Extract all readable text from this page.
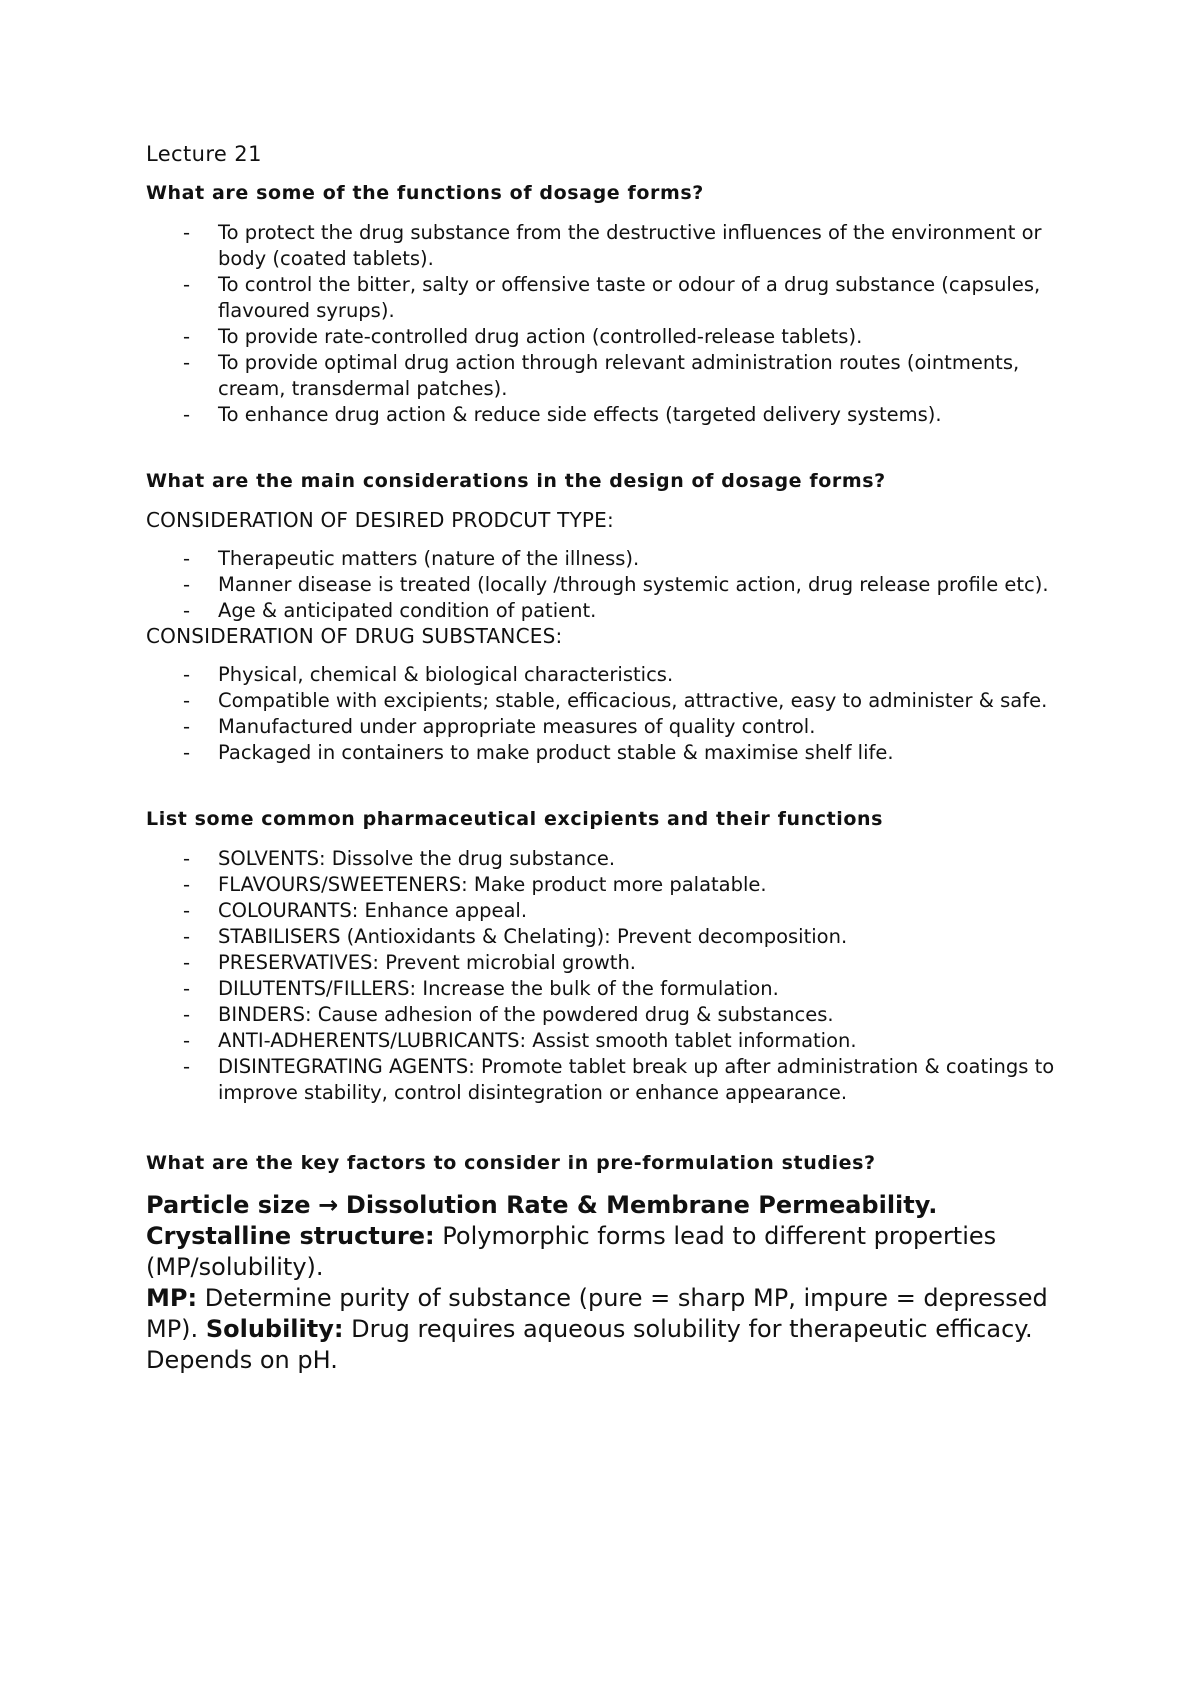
Lecture 21
What are some of the functions of dosage forms?
- To protect the drug substance from the destructive influences of the environment or body (coated tablets).
- To control the bitter, salty or offensive taste or odour of a drug substance (capsules, flavoured syrups).
- To provide rate-controlled drug action (controlled-release tablets).
- To provide optimal drug action through relevant administration routes (ointments, cream, transdermal patches).
- To enhance drug action & reduce side effects (targeted delivery systems).
What are the main considerations in the design of dosage forms?
CONSIDERATION OF DESIRED PRODCUT TYPE:
- Therapeutic matters (nature of the illness).
- Manner disease is treated (locally /through systemic action, drug release profile etc).
- Age & anticipated condition of patient.
CONSIDERATION OF DRUG SUBSTANCES:
- Physical, chemical & biological characteristics.
- Compatible with excipients; stable, efficacious, attractive, easy to administer & safe.
- Manufactured under appropriate measures of quality control.
- Packaged in containers to make product stable & maximise shelf life.
List some common pharmaceutical excipients and their functions
- SOLVENTS: Dissolve the drug substance.
- FLAVOURS/SWEETENERS: Make product more palatable.
- COLOURANTS: Enhance appeal.
- STABILISERS (Antioxidants & Chelating): Prevent decomposition.
- PRESERVATIVES: Prevent microbial growth.
- DILUTENTS/FILLERS: Increase the bulk of the formulation.
- BINDERS: Cause adhesion of the powdered drug & substances.
- ANTI-ADHERENTS/LUBRICANTS: Assist smooth tablet information.
- DISINTEGRATING AGENTS: Promote tablet break up after administration & coatings to improve stability, control disintegration or enhance appearance.
What are the key factors to consider in pre-formulation studies?

Particle size → Dissolution Rate & Membrane Permeability.

Crystalline structure: Polymorphic forms lead to different properties (MP/solubility).

MP: Determine purity of substance (pure = sharp MP, impure = depressed MP). Solubility: Drug requires aqueous solubility for therapeutic efficacy. Depends on pH.
